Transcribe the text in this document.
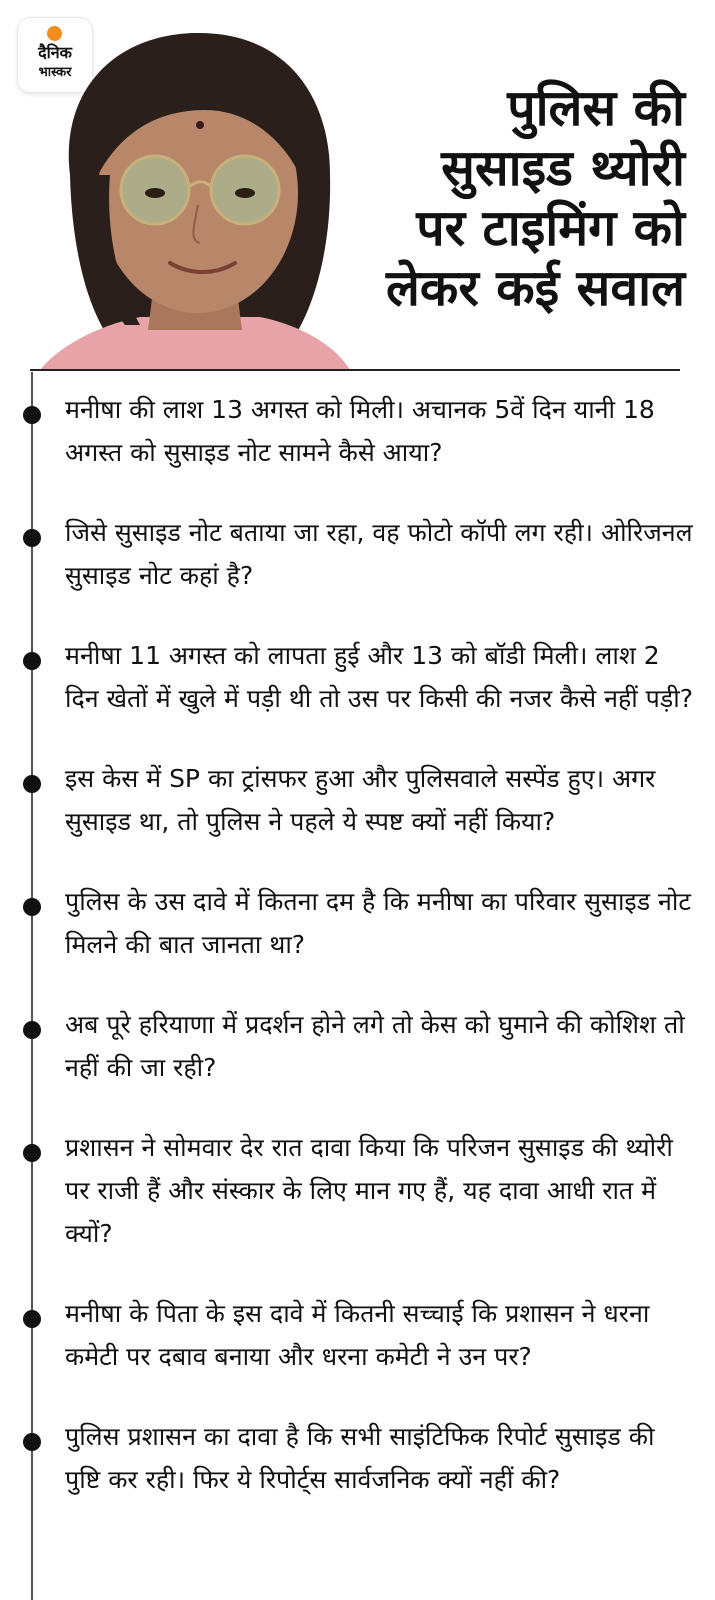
दैनिक
भास्कर
पुलिस की
सुसाइड थ्योरी
पर टाइमिंग को
लेकर कई सवाल
मनीषा की लाश 13 अगस्त को मिली। अचानक 5वें दिन यानी 18 अगस्त को सुसाइड नोट सामने कैसे आया?
जिसे सुसाइड नोट बताया जा रहा, वह फोटो कॉपी लग रही। ओरिजनल सुसाइड नोट कहां है?
मनीषा 11 अगस्त को लापता हुई और 13 को बॉडी मिली। लाश 2 दिन खेतों में खुले में पड़ी थी तो उस पर किसी की नजर कैसे नहीं पड़ी?
इस केस में SP का ट्रांसफर हुआ और पुलिसवाले सस्पेंड हुए। अगर सुसाइड था, तो पुलिस ने पहले ये स्पष्ट क्यों नहीं किया?
पुलिस के उस दावे में कितना दम है कि मनीषा का परिवार सुसाइड नोट मिलने की बात जानता था?
अब पूरे हरियाणा में प्रदर्शन होने लगे तो केस को घुमाने की कोशिश तो नहीं की जा रही?
प्रशासन ने सोमवार देर रात दावा किया कि परिजन सुसाइड की थ्योरी पर राजी हैं और संस्कार के लिए मान गए हैं, यह दावा आधी रात में क्यों?
मनीषा के पिता के इस दावे में कितनी सच्चाई कि प्रशासन ने धरना कमेटी पर दबाव बनाया और धरना कमेटी ने उन पर?
पुलिस प्रशासन का दावा है कि सभी साइंटिफिक रिपोर्ट सुसाइड की पुष्टि कर रही। फिर ये रिपोर्ट्स सार्वजनिक क्यों नहीं की?
